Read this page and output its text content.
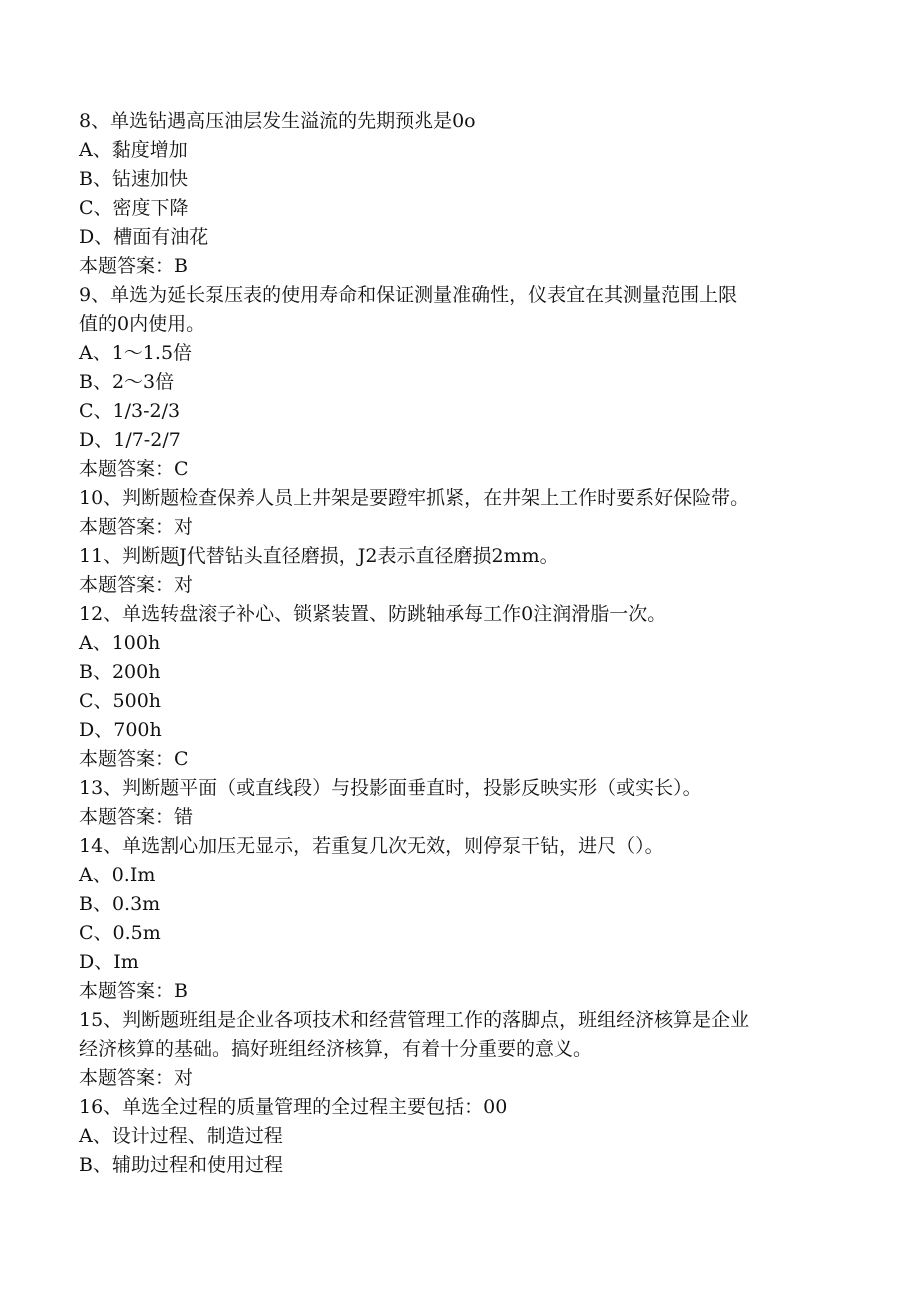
8、单选钻遇高压油层发生溢流的先期预兆是0o
A、黏度增加
B、钻速加快
C、密度下降
D、槽面有油花
本题答案：B
9、单选为延长泵压表的使用寿命和保证测量准确性，仪表宜在其测量范围上限
值的0内使用。
A、1～1.5倍
B、2～3倍
C、1/3-2/3
D、1/7-2/7
本题答案：C
10、判断题检查保养人员上井架是要蹬牢抓紧，在井架上工作时要系好保险带。
本题答案：对
11、判断题J代替钻头直径磨损，J2表示直径磨损2mm。
本题答案：对
12、单选转盘滚子补心、锁紧装置、防跳轴承每工作0注润滑脂一次。
A、100h
B、200h
C、500h
D、700h
本题答案：C
13、判断题平面（或直线段）与投影面垂直时，投影反映实形（或实长）。
本题答案：错
14、单选割心加压无显示，若重复几次无效，则停泵干钻，进尺（）。
A、0.Im
B、0.3m
C、0.5m
D、Im
本题答案：B
15、判断题班组是企业各项技术和经营管理工作的落脚点，班组经济核算是企业
经济核算的基础。搞好班组经济核算，有着十分重要的意义。
本题答案：对
16、单选全过程的质量管理的全过程主要包括：00
A、设计过程、制造过程
B、辅助过程和使用过程
